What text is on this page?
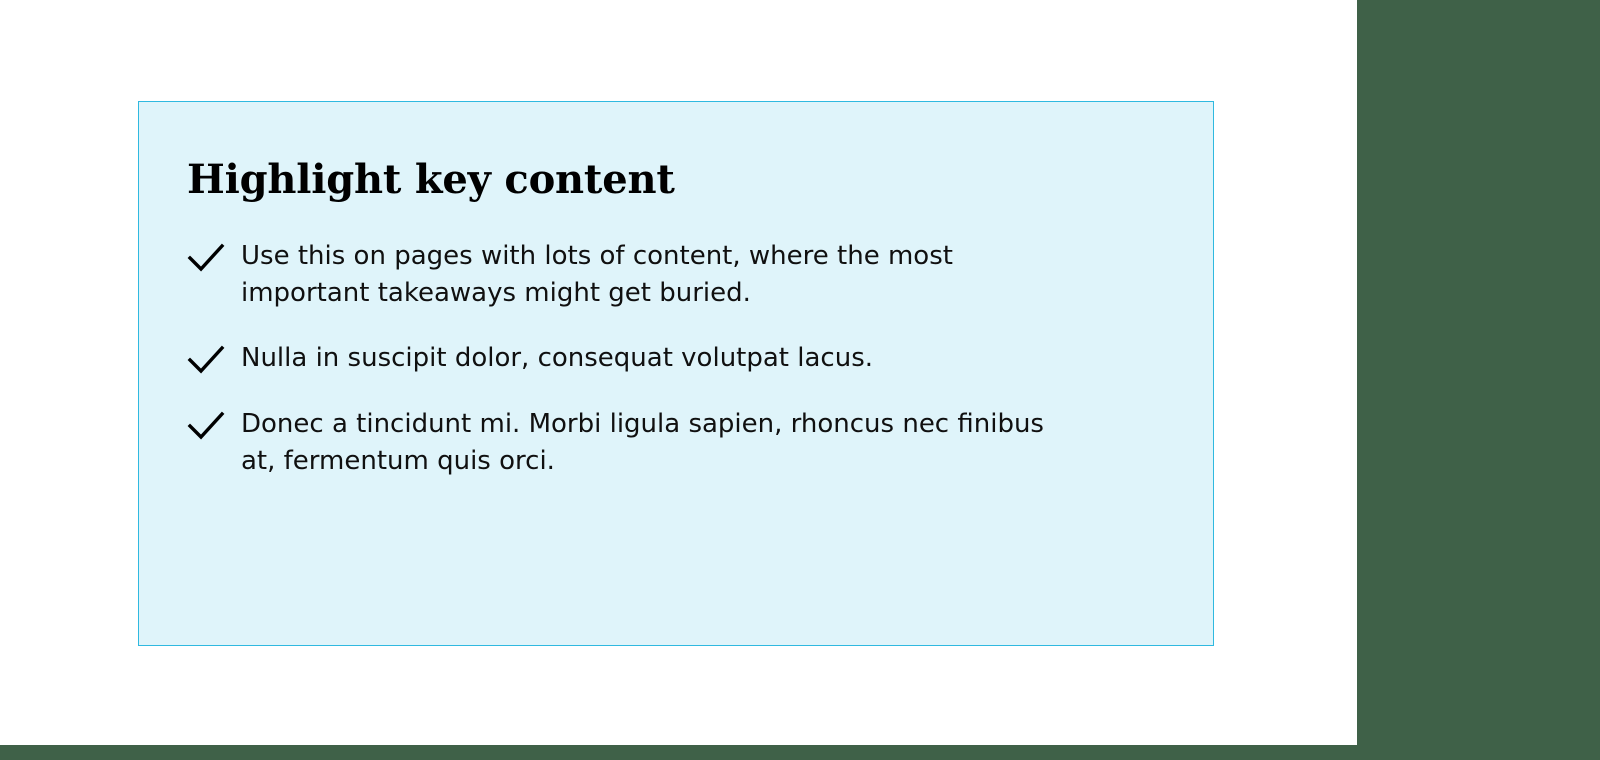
Highlight key content
Use this on pages with lots of content, where the most important takeaways might get buried.
Nulla in suscipit dolor, consequat volutpat lacus.
Donec a tincidunt mi. Morbi ligula sapien, rhoncus nec finibus at, fermentum quis orci.
